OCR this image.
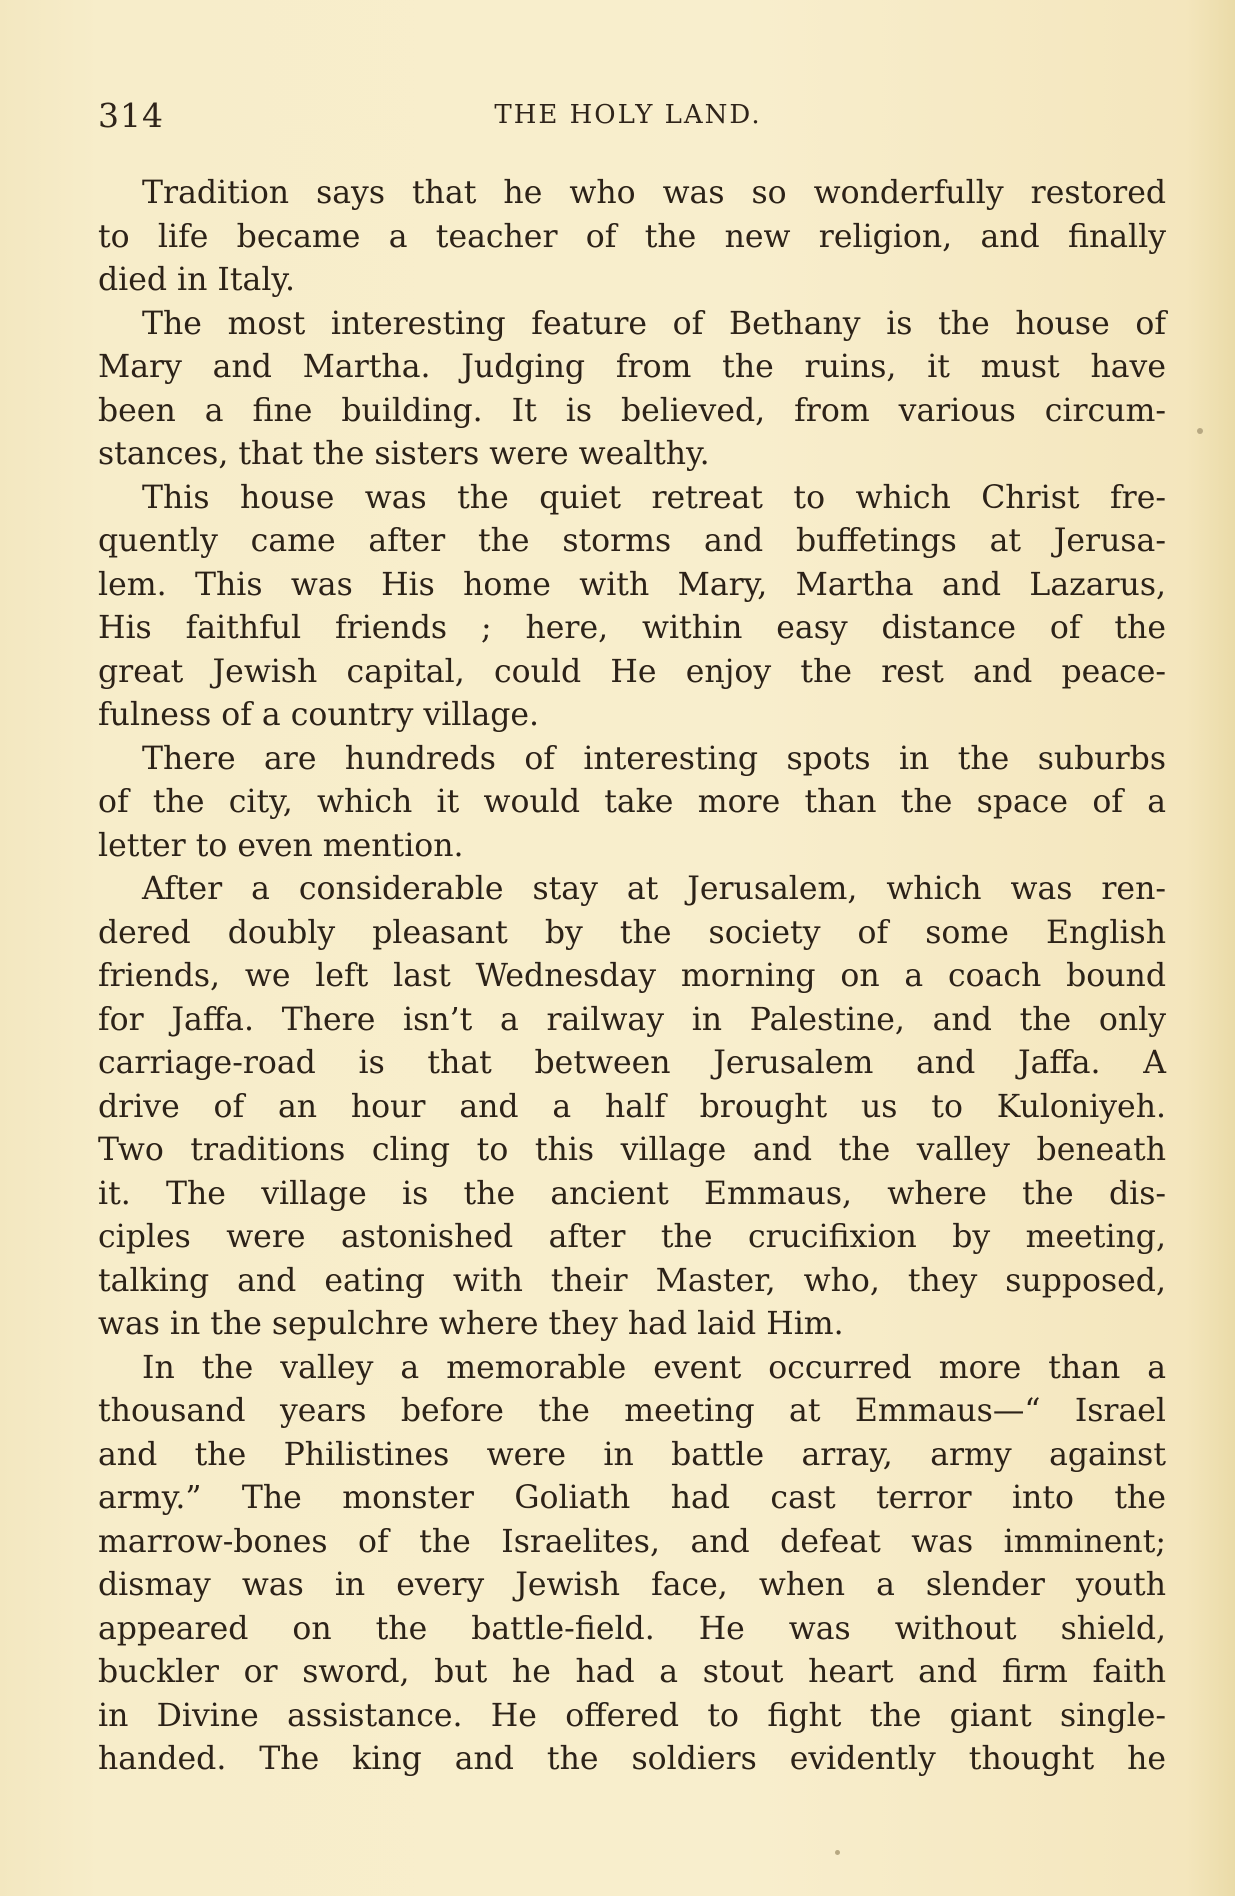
314	THE HOLY LAND.
Tradition says that he who was so wonderfully restored
to life became a teacher of the new religion, and finally
died in Italy.
The most interesting feature of Bethany is the house of
Mary and Martha. Judging from the ruins, it must have
been a fine building. It is believed, from various circum-
stances, that the sisters were wealthy.
This house was the quiet retreat to which Christ fre-
quently came after the storms and buffetings at Jerusa-
lem. This was His home with Mary, Martha and Lazarus,
His faithful friends ; here, within easy distance of the
great Jewish capital, could He enjoy the rest and peace-
fulness of a country village.
There are hundreds of interesting spots in the suburbs
of the city, which it would take more than the space of a
letter to even mention.
After a considerable stay at Jerusalem, which was ren-
dered doubly pleasant by the society of some English
friends, we left last Wednesday morning on a coach bound
for Jaffa. There isn’t a railway in Palestine, and the only
carriage-road is that between Jerusalem and Jaffa. A
drive of an hour and a half brought us to Kuloniyeh.
Two traditions cling to this village and the valley beneath
it. The village is the ancient Emmaus, where the dis-
ciples were astonished after the crucifixion by meeting,
talking and eating with their Master, who, they supposed,
was in the sepulchre where they had laid Him.
In the valley a memorable event occurred more than a
thousand years before the meeting at Emmaus—“ Israel
and the Philistines were in battle array, army against
army.” The monster Goliath had cast terror into the
marrow-bones of the Israelites, and defeat was imminent;
dismay was in every Jewish face, when a slender youth
appeared on the battle-field. He was without shield,
buckler or sword, but he had a stout heart and firm faith
in Divine assistance. He offered to fight the giant single-
handed. The king and the soldiers evidently thought he
